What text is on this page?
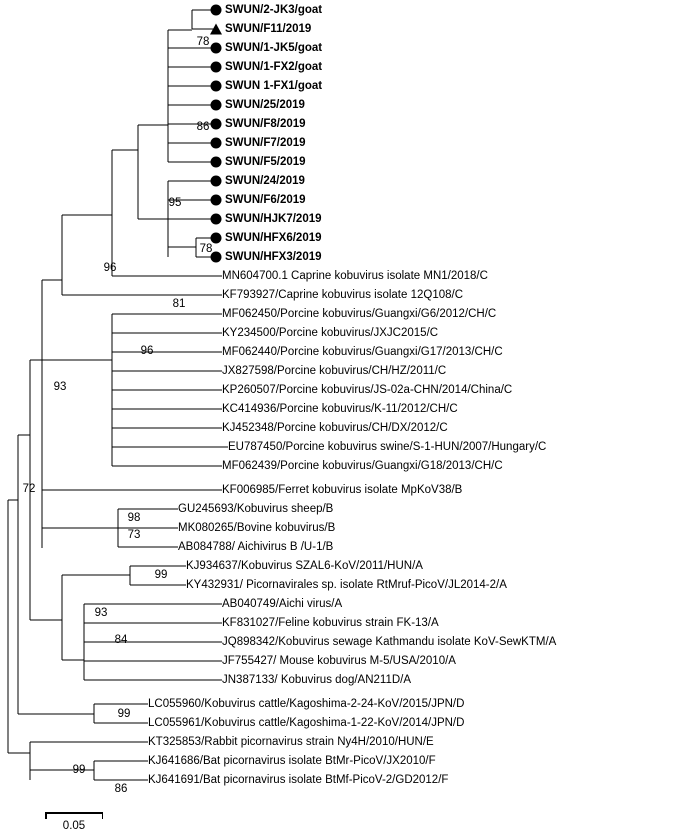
SWUN/2-JK3/goat
SWUN/F11/2019
SWUN/1-JK5/goat
SWUN/1-FX2/goat
SWUN 1-FX1/goat
SWUN/25/2019
SWUN/F8/2019
SWUN/F7/2019
SWUN/F5/2019
SWUN/24/2019
SWUN/F6/2019
SWUN/HJK7/2019
SWUN/HFX6/2019
SWUN/HFX3/2019
MN604700.1 Caprine kobuvirus isolate MN1/2018/C
KF793927/Caprine kobuvirus isolate 12Q108/C
MF062450/Porcine kobuvirus/Guangxi/G6/2012/CH/C
KY234500/Porcine kobuvirus/JXJC2015/C
MF062440/Porcine kobuvirus/Guangxi/G17/2013/CH/C
JX827598/Porcine kobuvirus/CH/HZ/2011/C
KP260507/Porcine kobuvirus/JS-02a-CHN/2014/China/C
KC414936/Porcine kobuvirus/K-11/2012/CH/C
KJ452348/Porcine kobuvirus/CH/DX/2012/C
EU787450/Porcine kobuvirus swine/S-1-HUN/2007/Hungary/C
MF062439/Porcine kobuvirus/Guangxi/G18/2013/CH/C
KF006985/Ferret kobuvirus isolate MpKoV38/B
GU245693/Kobuvirus sheep/B
MK080265/Bovine kobuvirus/B
AB084788/ Aichivirus B /U-1/B
KJ934637/Kobuvirus SZAL6-KoV/2011/HUN/A
KY432931/ Picornavirales sp. isolate RtMruf-PicoV/JL2014-2/A
AB040749/Aichi virus/A
KF831027/Feline kobuvirus strain FK-13/A
JQ898342/Kobuvirus sewage Kathmandu isolate KoV-SewKTM/A
JF755427/ Mouse kobuvirus M-5/USA/2010/A
JN387133/ Kobuvirus dog/AN211D/A
LC055960/Kobuvirus cattle/Kagoshima-2-24-KoV/2015/JPN/D
LC055961/Kobuvirus cattle/Kagoshima-1-22-KoV/2014/JPN/D
KT325853/Rabbit picornavirus strain Ny4H/2010/HUN/E
KJ641686/Bat picornavirus isolate BtMr-PicoV/JX2010/F
KJ641691/Bat picornavirus isolate BtMf-PicoV-2/GD2012/F
78
86
95
78
96
81
96
93
98
73
99
93
84
72
99
99
86
0.05
